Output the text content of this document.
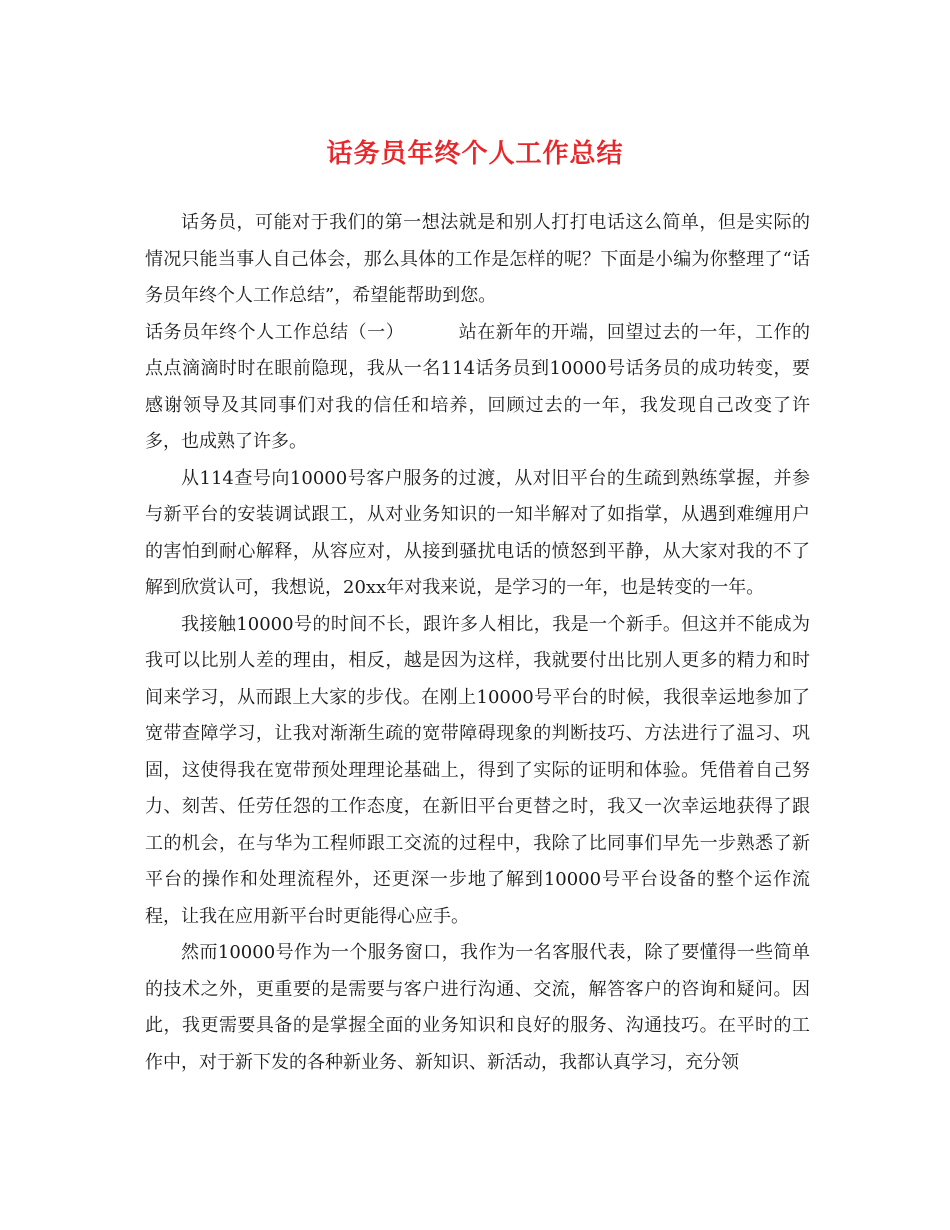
话务员年终个人工作总结

话务员，可能对于我们的第一想法就是和别人打打电话这么简单，但是实际的情况只能当事人自己体会，那么具体的工作是怎样的呢？下面是小编为你整理了“话务员年终个人工作总结”，希望能帮助到您。

话务员年终个人工作总结（一）   	站在新年的开端，回望过去的一年，工作的点点滴滴时时在眼前隐现，我从一名114话务员到10000号话务员的成功转变，要感谢领导及其同事们对我的信任和培养，回顾过去的一年，我发现自己改变了许多，也成熟了许多。

从114查号向10000号客户服务的过渡，从对旧平台的生疏到熟练掌握，并参与新平台的安装调试跟工，从对业务知识的一知半解对了如指掌，从遇到难缠用户的害怕到耐心解释，从容应对，从接到骚扰电话的愤怒到平静，从大家对我的不了解到欣赏认可，我想说，20xx年对我来说，是学习的一年，也是转变的一年。

我接触10000号的时间不长，跟许多人相比，我是一个新手。但这并不能成为我可以比别人差的理由，相反，越是因为这样，我就要付出比别人更多的精力和时间来学习，从而跟上大家的步伐。在刚上10000号平台的时候，我很幸运地参加了宽带查障学习，让我对渐渐生疏的宽带障碍现象的判断技巧、方法进行了温习、巩固，这使得我在宽带预处理理论基础上，得到了实际的证明和体验。凭借着自己努力、刻苦、任劳任怨的工作态度，在新旧平台更替之时，我又一次幸运地获得了跟工的机会，在与华为工程师跟工交流的过程中，我除了比同事们早先一步熟悉了新平台的操作和处理流程外，还更深一步地了解到10000号平台设备的整个运作流程，让我在应用新平台时更能得心应手。

然而10000号作为一个服务窗口，我作为一名客服代表，除了要懂得一些简单的技术之外，更重要的是需要与客户进行沟通、交流，解答客户的咨询和疑问。因此，我更需要具备的是掌握全面的业务知识和良好的服务、沟通技巧。在平时的工作中，对于新下发的各种新业务、新知识、新活动，我都认真学习，充分领
